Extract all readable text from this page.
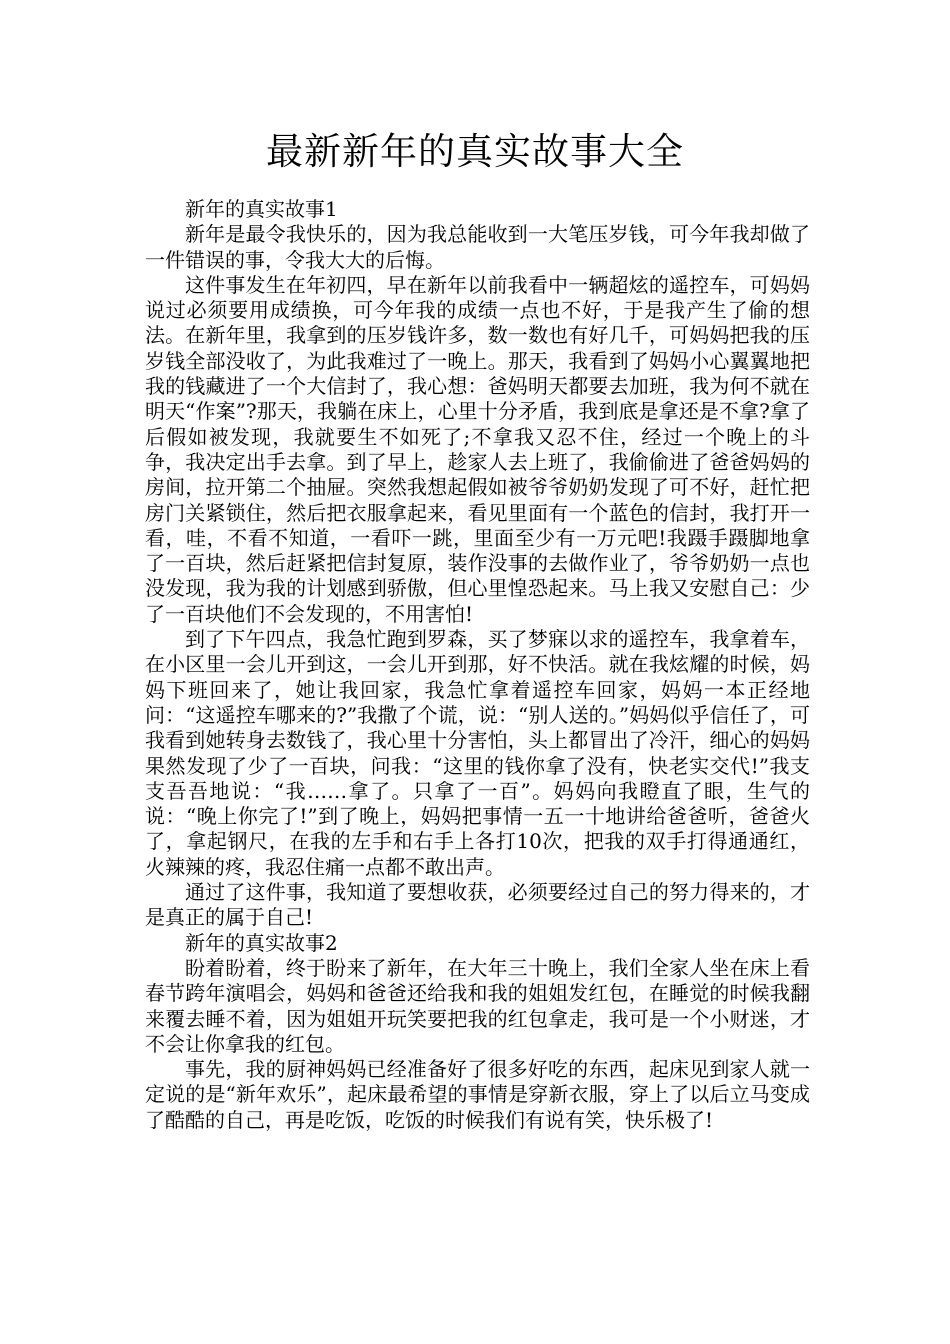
最新新年的真实故事大全

新年的真实故事1

新年是最令我快乐的，因为我总能收到一大笔压岁钱，可今年我却做了一件错误的事，令我大大的后悔。

这件事发生在年初四，早在新年以前我看中一辆超炫的遥控车，可妈妈说过必须要用成绩换，可今年我的成绩一点也不好，于是我产生了偷的想法。在新年里，我拿到的压岁钱许多，数一数也有好几千，可妈妈把我的压岁钱全部没收了，为此我难过了一晚上。那天，我看到了妈妈小心翼翼地把我的钱藏进了一个大信封了，我心想：爸妈明天都要去加班，我为何不就在明天“作案”?那天，我躺在床上，心里十分矛盾，我到底是拿还是不拿?拿了后假如被发现，我就要生不如死了;不拿我又忍不住，经过一个晚上的斗争，我决定出手去拿。到了早上，趁家人去上班了，我偷偷进了爸爸妈妈的房间，拉开第二个抽屉。突然我想起假如被爷爷奶奶发现了可不好，赶忙把房门关紧锁住，然后把衣服拿起来，看见里面有一个蓝色的信封，我打开一看，哇，不看不知道，一看吓一跳，里面至少有一万元吧!我蹑手蹑脚地拿了一百块，然后赶紧把信封复原，装作没事的去做作业了，爷爷奶奶一点也没发现，我为我的计划感到骄傲，但心里惶恐起来。马上我又安慰自己：少了一百块他们不会发现的，不用害怕!

到了下午四点，我急忙跑到罗森，买了梦寐以求的遥控车，我拿着车，在小区里一会儿开到这，一会儿开到那，好不快活。就在我炫耀的时候，妈妈下班回来了，她让我回家，我急忙拿着遥控车回家，妈妈一本正经地问：“这遥控车哪来的?”我撒了个谎，说：“别人送的。”妈妈似乎信任了，可我看到她转身去数钱了，我心里十分害怕，头上都冒出了冷汗，细心的妈妈果然发现了少了一百块，问我：“这里的钱你拿了没有，快老实交代!”我支支吾吾地说：“我……拿了。只拿了一百”。妈妈向我瞪直了眼，生气的说：“晚上你完了!”到了晚上，妈妈把事情一五一十地讲给爸爸听，爸爸火了，拿起钢尺，在我的左手和右手上各打10次，把我的双手打得通通红，火辣辣的疼，我忍住痛一点都不敢出声。

通过了这件事，我知道了要想收获，必须要经过自己的努力得来的，才是真正的属于自己!

新年的真实故事2

盼着盼着，终于盼来了新年，在大年三十晚上，我们全家人坐在床上看春节跨年演唱会，妈妈和爸爸还给我和我的姐姐发红包，在睡觉的时候我翻来覆去睡不着，因为姐姐开玩笑要把我的红包拿走，我可是一个小财迷，才不会让你拿我的红包。

事先，我的厨神妈妈已经准备好了很多好吃的东西，起床见到家人就一定说的是“新年欢乐”，起床最希望的事情是穿新衣服，穿上了以后立马变成了酷酷的自己，再是吃饭，吃饭的时候我们有说有笑，快乐极了!
